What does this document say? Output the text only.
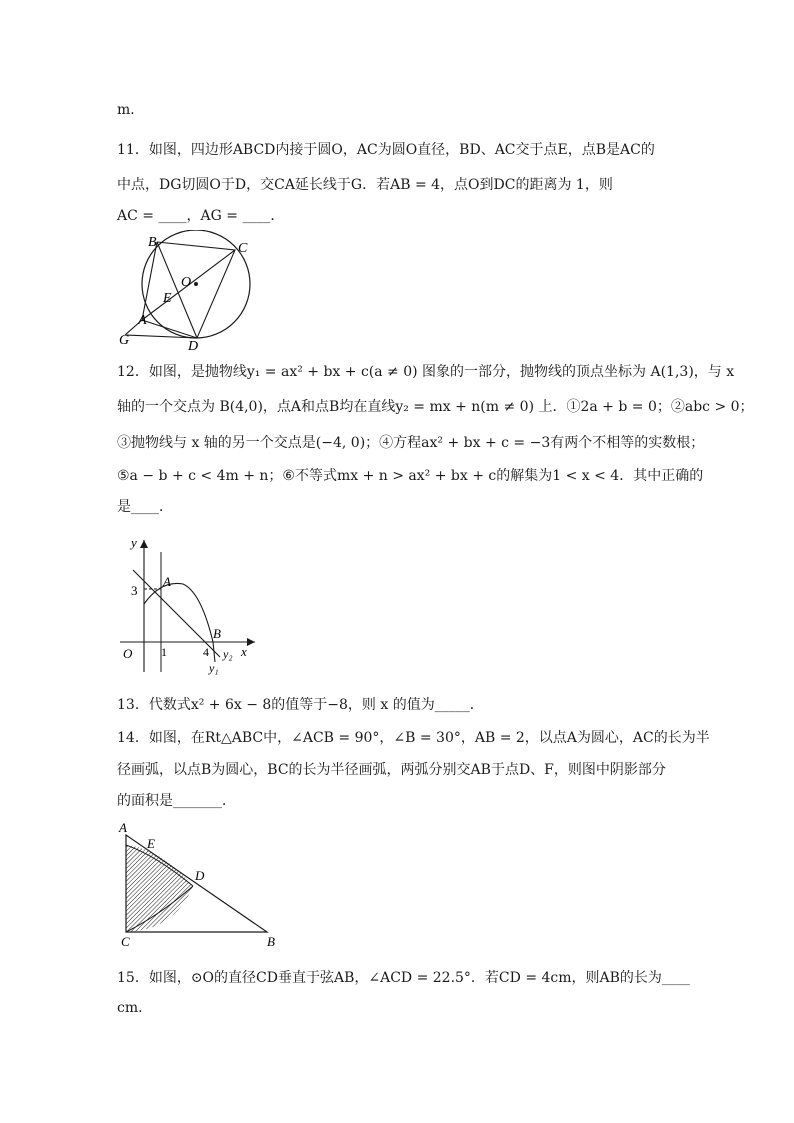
m．
11．如图，四边形ABCD内接于圆O，AC为圆O直径，BD、AC交于点E，点B是AC的
中点，DG切圆O于D，交CA延长线于G．若AB = 4，点O到DC的距离为 1，则
AC = ____，AG = ____．
B	C
O
E
A
G	D
12．如图，是抛物线y₁ = ax² + bx + c(a ≠ 0) 图象的一部分，抛物线的顶点坐标为 A(1,3)，与 x
轴的一个交点为 B(4,0)，点A和点B均在直线y₂ = mx + n(m ≠ 0) 上．①2a + b = 0；②abc > 0；
③抛物线与 x 轴的另一个交点是(−4, 0)；④方程ax² + bx + c = −3有两个不相等的实数根；
⑤a − b + c < 4m + n；⑥不等式mx + n > ax² + bx + c的解集为1 < x < 4．其中正确的
是____．
y
3
A
B
O 1	4 y₂ x
y₁
13．代数式x² + 6x − 8的值等于−8，则 x 的值为_____．
14．如图，在Rt△ABC中，∠ACB = 90°，∠B = 30°，AB = 2，以点A为圆心，AC的长为半
径画弧，以点B为圆心，BC的长为半径画弧，两弧分别交AB于点D、F，则图中阴影部分
的面积是_______．
A
E
D
C	B
15．如图，⊙O的直径CD垂直于弦AB，∠ACD = 22.5°．若CD = 4cm，则AB的长为____
cm.
